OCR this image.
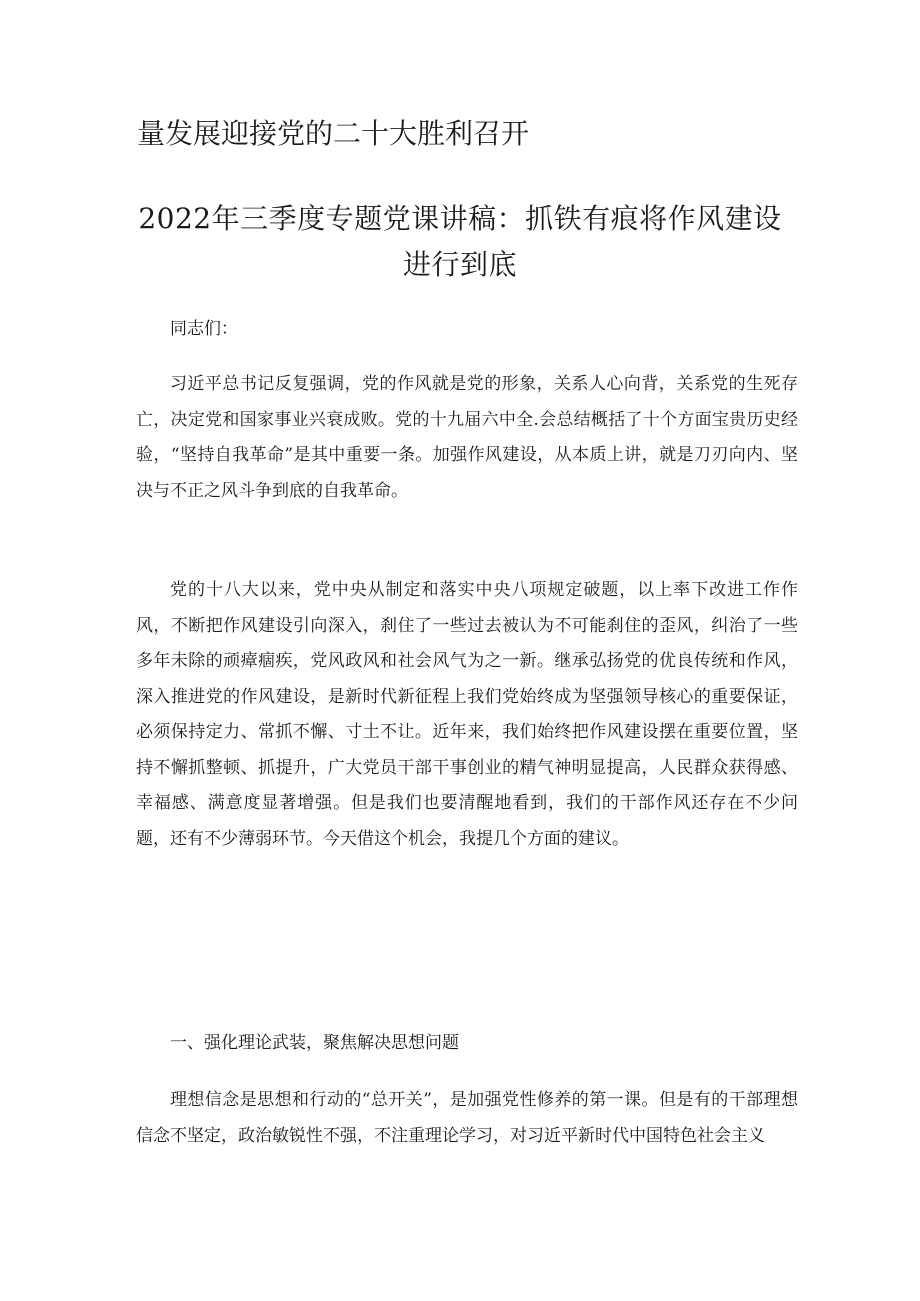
量发展迎接党的二十大胜利召开
2022年三季度专题党课讲稿：抓铁有痕将作风建设
进行到底

同志们：

习近平总书记反复强调，党的作风就是党的形象，关系人心向背，关系党的生死存亡，决定党和国家事业兴衰成败。党的十九届六中全.会总结概括了十个方面宝贵历史经验，“坚持自我革命”是其中重要一条。加强作风建设，从本质上讲，就是刀刃向内、坚决与不正之风斗争到底的自我革命。

党的十八大以来，党中央从制定和落实中央八项规定破题，以上率下改进工作作风，不断把作风建设引向深入，刹住了一些过去被认为不可能刹住的歪风，纠治了一些多年未除的顽瘴痼疾，党风政风和社会风气为之一新。继承弘扬党的优良传统和作风，深入推进党的作风建设，是新时代新征程上我们党始终成为坚强领导核心的重要保证，必须保持定力、常抓不懈、寸土不让。近年来，我们始终把作风建设摆在重要位置，坚持不懈抓整顿、抓提升，广大党员干部干事创业的精气神明显提高，人民群众获得感、幸福感、满意度显著增强。但是我们也要清醒地看到，我们的干部作风还存在不少问题，还有不少薄弱环节。今天借这个机会，我提几个方面的建议。

一、强化理论武装，聚焦解决思想问题

理想信念是思想和行动的“总开关”，是加强党性修养的第一课。但是有的干部理想信念不坚定，政治敏锐性不强，不注重理论学习，对习近平新时代中国特色社会主义
